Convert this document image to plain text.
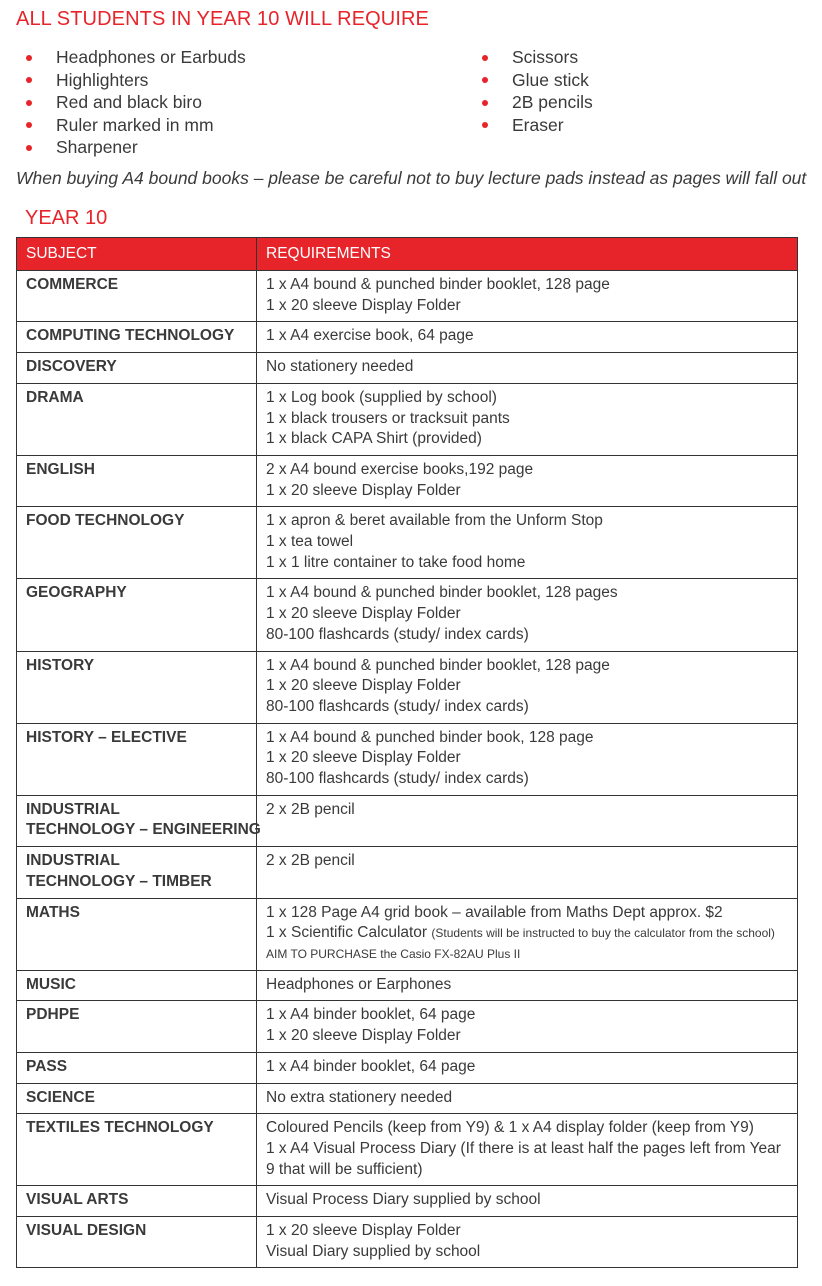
ALL STUDENTS IN YEAR 10 WILL REQUIRE
Headphones or Earbuds
Highlighters
Red and black biro
Ruler marked in mm
Sharpener
Scissors
Glue stick
2B pencils
Eraser
When buying A4 bound books – please be careful not to buy lecture pads instead as pages will fall out
YEAR 10
SUBJECT	REQUIREMENTS
COMMERCE	1 x A4 bound & punched binder booklet, 128 page
1 x 20 sleeve Display Folder

COMPUTING TECHNOLOGY	1 x A4 exercise book, 64 page

DISCOVERY	No stationery needed

DRAMA	1 x Log book (supplied by school)
1 x black trousers or tracksuit pants
1 x black CAPA Shirt (provided)

ENGLISH	2 x A4 bound exercise books,192 page
1 x 20 sleeve Display Folder

FOOD TECHNOLOGY	1 x apron & beret available from the Unform Stop
1 x tea towel
1 x 1 litre container to take food home

GEOGRAPHY	1 x A4 bound & punched binder booklet, 128 pages
1 x 20 sleeve Display Folder
80-100 flashcards (study/ index cards)

HISTORY	1 x A4 bound & punched binder booklet, 128 page
1 x 20 sleeve Display Folder
80-100 flashcards (study/ index cards)

HISTORY – ELECTIVE	1 x A4 bound & punched binder book, 128 page
1 x 20 sleeve Display Folder
80-100 flashcards (study/ index cards)

INDUSTRIAL
TECHNOLOGY – ENGINEERING	2 x 2B pencil

INDUSTRIAL
TECHNOLOGY – TIMBER	2 x 2B pencil

MATHS	1 x 128 Page A4 grid book – available from Maths Dept approx. $2
1 x Scientific Calculator (Students will be instructed to buy the calculator from the school)
AIM TO PURCHASE the Casio FX-82AU Plus II

MUSIC	Headphones or Earphones

PDHPE	1 x A4 binder booklet, 64 page
1 x 20 sleeve Display Folder

PASS	1 x A4 binder booklet, 64 page

SCIENCE	No extra stationery needed

TEXTILES TECHNOLOGY	Coloured Pencils (keep from Y9) & 1 x A4 display folder (keep from Y9)
1 x A4 Visual Process Diary (If there is at least half the pages left from Year 9 that will be sufficient)

VISUAL ARTS	Visual Process Diary supplied by school

VISUAL DESIGN	1 x 20 sleeve Display Folder
Visual Diary supplied by school
